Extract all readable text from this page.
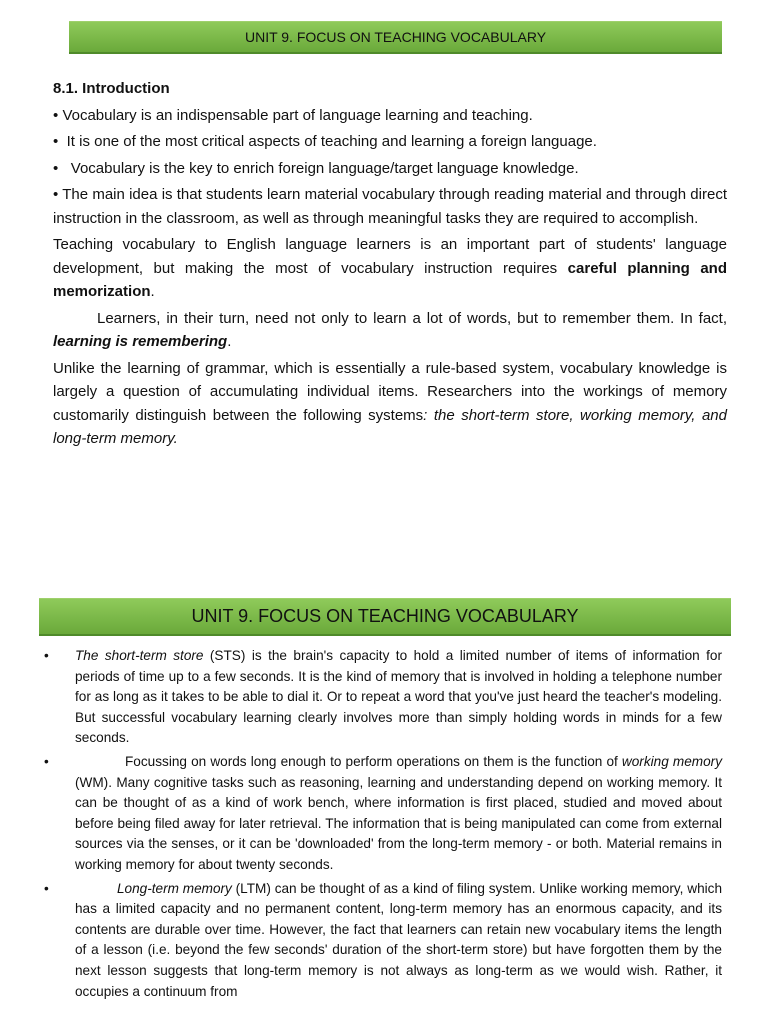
UNIT 9. FOCUS ON TEACHING VOCABULARY

8.1. Introduction

• Vocabulary is an indispensable part of language learning and teaching.

• It is one of the most critical aspects of teaching and learning a foreign language.

• Vocabulary is the key to enrich foreign language/target language knowledge.

• The main idea is that students learn material vocabulary through reading material and through direct instruction in the classroom, as well as through meaningful tasks they are required to accomplish.

Teaching vocabulary to English language learners is an important part of students' language development, but making the most of vocabulary instruction requires careful planning and memorization.

Learners, in their turn, need not only to learn a lot of words, but to remember them. In fact, learning is remembering.

Unlike the learning of grammar, which is essentially a rule-based system, vocabulary knowledge is largely a question of accumulating individual items. Researchers into the workings of memory customarily distinguish between the following systems: the short-term store, working memory, and long-term memory.

UNIT 9. FOCUS ON TEACHING VOCABULARY

• The short-term store (STS) is the brain's capacity to hold a limited number of items of information for periods of time up to a few seconds. It is the kind of memory that is involved in holding a telephone number for as long as it takes to be able to dial it. Or to repeat a word that you've just heard the teacher's modeling. But successful vocabulary learning clearly involves more than simply holding words in minds for a few seconds.

•	Focussing on words long enough to perform operations on them is the function of working memory (WM). Many cognitive tasks such as reasoning, learning and understanding depend on working memory. It can be thought of as a kind of work bench, where information is first placed, studied and moved about before being filed away for later retrieval. The information that is being manipulated can come from external sources via the senses, or it can be 'downloaded' from the long-term memory - or both. Material remains in working memory for about twenty seconds.

•	Long-term memory (LTM) can be thought of as a kind of filing system. Unlike working memory, which has a limited capacity and no permanent content, long-term memory has an enormous capacity, and its contents are durable over time. However, the fact that learners can retain new vocabulary items the length of a lesson (i.e. beyond the few seconds' duration of the short-term store) but have forgotten them by the next lesson suggests that long-term memory is not always as long-term as we would wish. Rather, it occupies a continuum from
